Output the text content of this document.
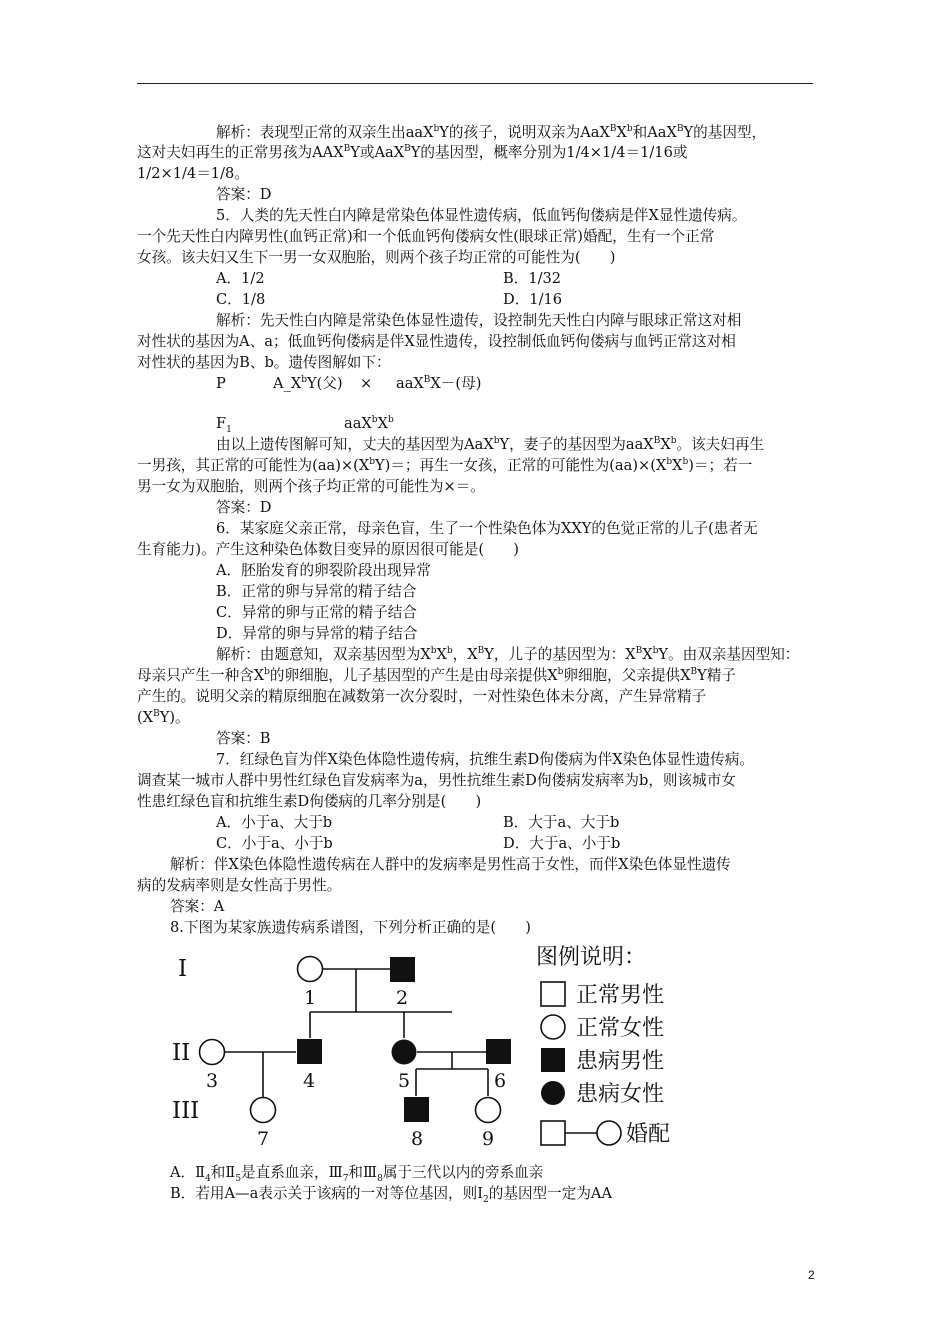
解析：表现型正常的双亲生出aaX$^b$Y的孩子，说明双亲为$AaX^BX^b$和AaX$^B$Y的基因型，
这对夫妇再生的正常男孩为$AAX^BY$或AaX$^B$Y的基因型，概率分别为1/4×1/4＝1/16或
1/2×1/4＝1/8。
答案：D
5．人类的先天性白内障是常染色体显性遗传病，低血钙佝偻病是伴X显性遗传病。
一个先天性白内障男性(血钙正常)和一个低血钙佝偻病女性(眼球正常)婚配，生有一个正常
女孩。该夫妇又生下一男一女双胞胎，则两个孩子均正常的可能性为(　　)
A．1/2	B．1/32
C．1/8	D．1/16
解析：先天性白内障是常染色体显性遗传，设控制先天性白内障与眼球正常这对相
对性状的基因为A、a；低血钙佝偻病是伴X显性遗传，设控制低血钙佝偻病与血钙正常这对相
对性状的基因为B、b。遗传图解如下：
P	$A\_X^bY$(父) × aaX$^B$X－(母)
$F_1$	$aaX^bX^b$
由以上遗传图解可知，丈夫的基因型为AaX$^b$Y，妻子的基因型为$aaX^BX^b$。该夫妇再生
一男孩，其正常的可能性为$(aa)\times(X^bY)=$；再生一女孩，正常的可能性为$(aa)\times(X^bX^b)=$；若一
男一女为双胞胎，则两个孩子均正常的可能性为×＝。
答案：D
6．某家庭父亲正常，母亲色盲，生了一个性染色体为XXY的色觉正常的儿子(患者无
生育能力)。产生这种染色体数目变异的原因很可能是(　　)
A．胚胎发育的卵裂阶段出现异常
B．正常的卵与异常的精子结合
C．异常的卵与正常的精子结合
D．异常的卵与异常的精子结合
解析：由题意知，双亲基因型为$X^bX^b$，$X^BY$，儿子的基因型为：$X^BX^bY$。由双亲基因型知：
母亲只产生一种含$X^b$的卵细胞，儿子基因型的产生是由母亲提供$X^b$卵细胞，父亲提供$X^BY$精子
产生的。说明父亲的精原细胞在减数第一次分裂时，一对性染色体未分离，产生异常精子
$(X^BY)$。
答案：B
7．红绿色盲为伴X染色体隐性遗传病，抗维生素D佝偻病为伴X染色体显性遗传病。
调查某一城市人群中男性红绿色盲发病率为a，男性抗维生素D佝偻病发病率为b，则该城市女
性患红绿色盲和抗维生素D佝偻病的几率分别是(　　)
A．小于a、大于b	B．大于a、大于b
C．小于a、小于b	D．大于a、小于b
解析：伴X染色体隐性遗传病在人群中的发病率是男性高于女性，而伴X染色体显性遗传
病的发病率则是女性高于男性。
答案：A
8.下图为某家族遗传病系谱图，下列分析正确的是(　　)
I
II
III
1	2
3	4	5	6
7	8	9
图例说明：
正常男性
正常女性
患病男性
患病女性
婚配
A．$Ⅱ_4$和$Ⅱ_5$是直系血亲，$Ⅲ_7$和$Ⅲ_8$属于三代以内的旁系血亲
B．若用A—a表示关于该病的一对等位基因，则$Ⅰ_2$的基因型一定为AA
2
